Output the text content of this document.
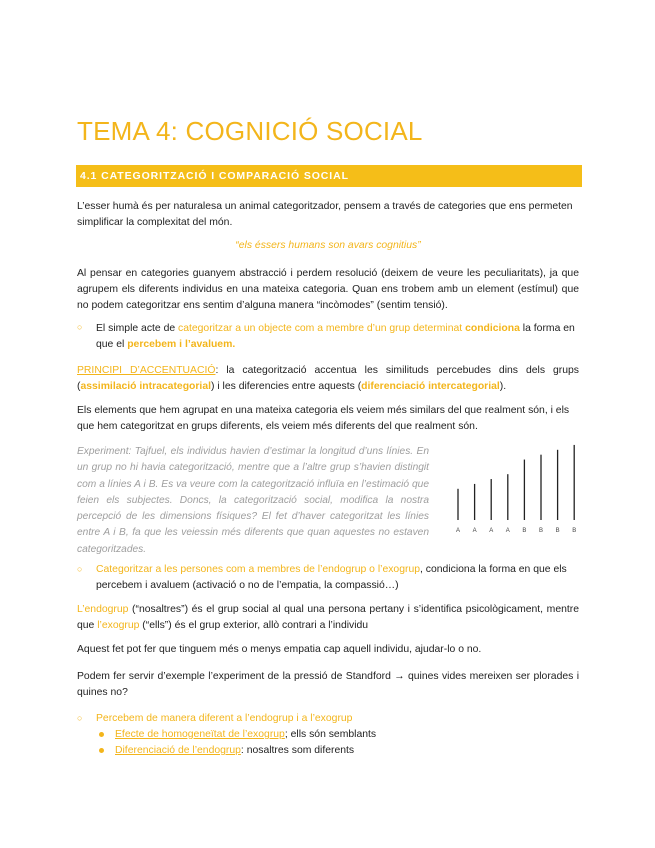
TEMA 4: COGNICIÓ SOCIAL
4.1 CATEGORITZACIÓ I COMPARACIÓ SOCIAL
L’esser humà és per naturalesa un animal categoritzador, pensem a través de categories que ens permeten simplificar la complexitat del món.
“els éssers humans son avars cognitius”
Al pensar en categories guanyem abstracció i perdem resolució (deixem de veure les peculiaritats), ja que agrupem els diferents individus en una mateixa categoria. Quan ens trobem amb un element (estímul) que no podem categoritzar ens sentim d’alguna manera “incòmodes” (sentim tensió).
○ El simple acte de categoritzar a un objecte com a membre d’un grup determinat condiciona la forma en que el percebem i l’avaluem.
PRINCIPI D’ACCENTUACIÓ: la categorització accentua les similituds percebudes dins dels grups (assimilació intracategorial) i les diferencies entre aquests (diferenciació intercategorial).
Els elements que hem agrupat en una mateixa categoria els veiem més similars del que realment són, i els que hem categoritzat en grups diferents, els veiem més diferents del que realment són.
Experiment: Tajfuel, els individus havien d’estimar la longitud d’uns línies. En un grup no hi havia categorització, mentre que a l’altre grup s’havien distingit com a línies A i B. Es va veure com la categorització influïa en l’estimació que feien els subjectes. Doncs, la categorització social, modifica la nostra percepció de les dimensions físiques? El fet d’haver categoritzat les línies entre A i B, fa que les veiessin més diferents que quan aquestes no estaven categoritzades.
A A A A B B B B
○ Categoritzar a les persones com a membres de l’endogrup o l’exogrup, condiciona la forma en que els percebem i avaluem (activació o no de l’empatia, la compassió…)
L’endogrup (“nosaltres”) és el grup social al qual una persona pertany i s’identifica psicològicament, mentre que l’exogrup (“ells”) és el grup exterior, allò contrari a l’individu
Aquest fet pot fer que tinguem més o menys empatia cap aquell individu, ajudar-lo o no.
Podem fer servir d’exemple l’experiment de la pressió de Standford → quines vides mereixen ser plorades i quines no?
○ Percebem de manera diferent a l’endogrup i a l’exogrup
Efecte de homogeneïtat de l’exogrup; ells són semblants
Diferenciació de l’endogrup: nosaltres som diferents
